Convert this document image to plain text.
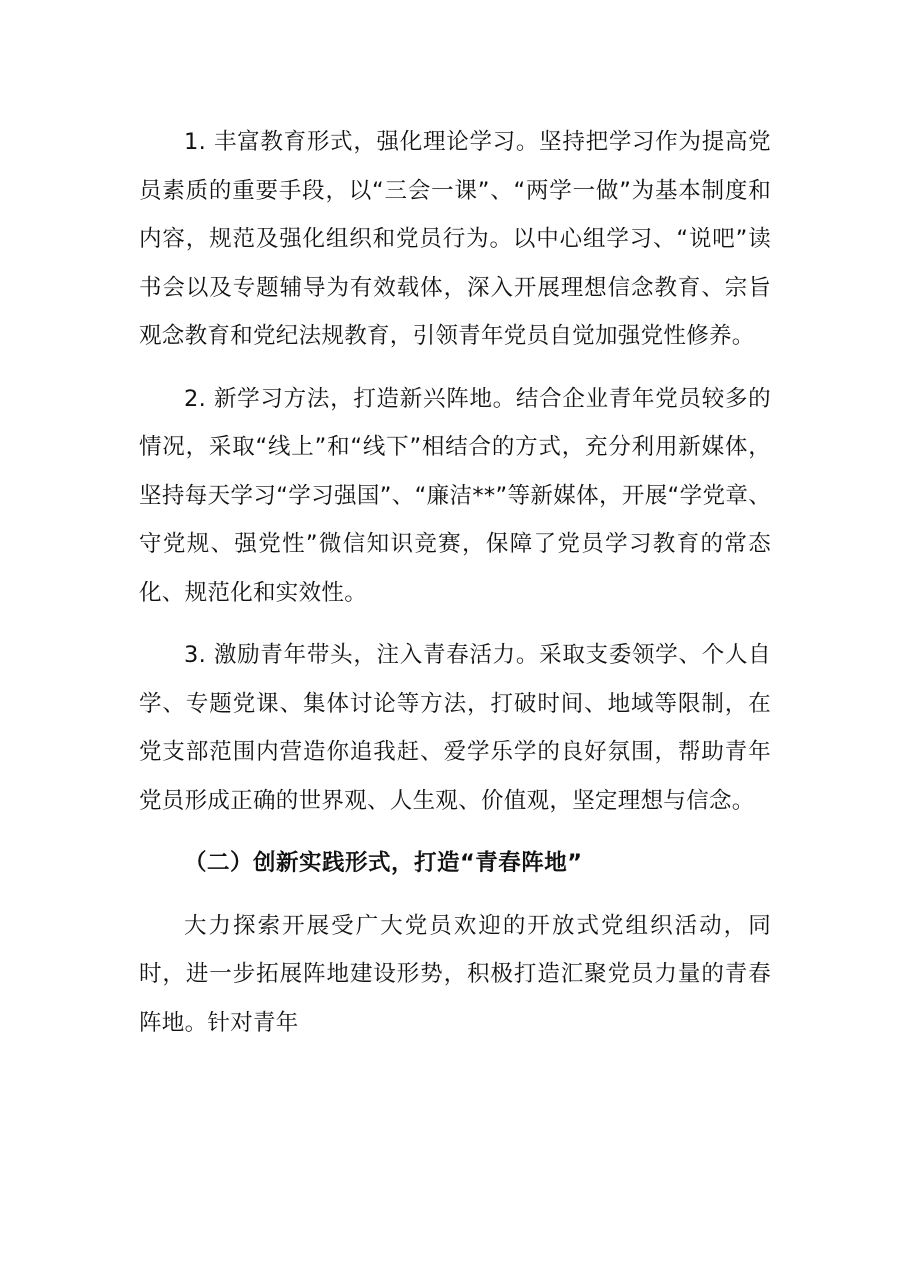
1. 丰富教育形式，强化理论学习。坚持把学习作为提高党员素质的重要手段，以“三会一课”、“两学一做”为基本制度和内容，规范及强化组织和党员行为。以中心组学习、“说吧”读书会以及专题辅导为有效载体，深入开展理想信念教育、宗旨观念教育和党纪法规教育，引领青年党员自觉加强党性修养。

2. 新学习方法，打造新兴阵地。结合企业青年党员较多的情况，采取“线上”和“线下”相结合的方式，充分利用新媒体，坚持每天学习“学习强国”、“廉洁**”等新媒体，开展“学党章、守党规、强党性”微信知识竞赛，保障了党员学习教育的常态化、规范化和实效性。

3. 激励青年带头，注入青春活力。采取支委领学、个人自学、专题党课、集体讨论等方法，打破时间、地域等限制，在党支部范围内营造你追我赶、爱学乐学的良好氛围，帮助青年党员形成正确的世界观、人生观、价值观，坚定理想与信念。

（二）创新实践形式，打造“青春阵地”

大力探索开展受广大党员欢迎的开放式党组织活动，同时，进一步拓展阵地建设形势，积极打造汇聚党员力量的青春阵地。针对青年
